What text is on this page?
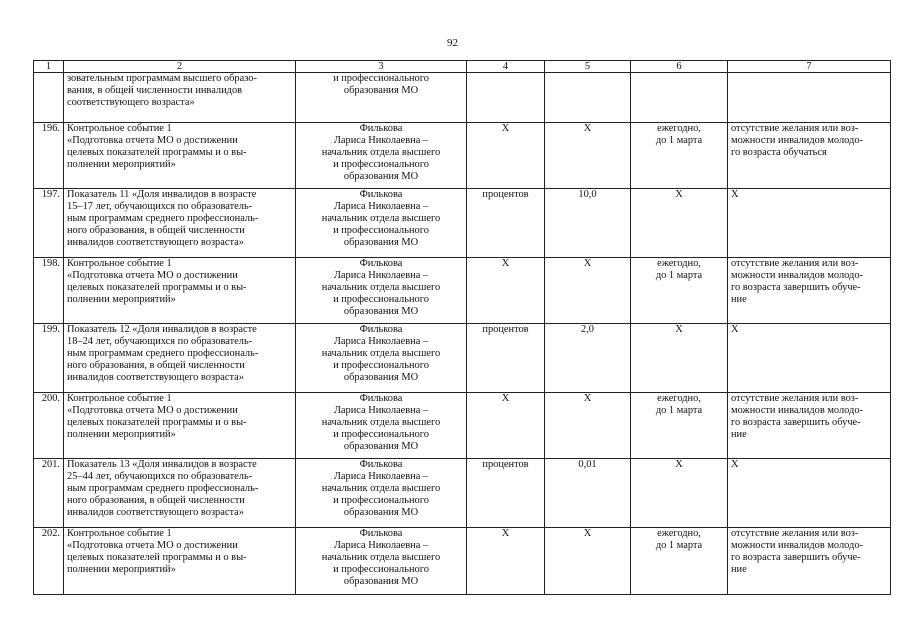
92
1	2	3	4	5	6	7
	зовательным программам высшего образо-
вания, в общей численности инвалидов
соответствующего возраста»	и профессионального
образования МО				
196.	Контрольное событие 1
«Подготовка отчета МО о достижении
целевых показателей программы и о вы-
полнении мероприятий»	Филькова
Лариса Николаевна –
начальник отдела высшего
и профессионального
образования МО	Х	Х	ежегодно,
до 1 марта	отсутствие желания или воз-
можности инвалидов молодо-
го возраста обучаться
197.	Показатель 11 «Доля инвалидов в возрасте
15–17 лет, обучающихся по образователь-
ным программам среднего профессиональ-
ного образования, в общей численности
инвалидов соответствующего возраста»	Филькова
Лариса Николаевна –
начальник отдела высшего
и профессионального
образования МО	процентов	10,0	Х	Х
198.	Контрольное событие 1
«Подготовка отчета МО о достижении
целевых показателей программы и о вы-
полнении мероприятий»	Филькова
Лариса Николаевна –
начальник отдела высшего
и профессионального
образования МО	Х	Х	ежегодно,
до 1 марта	отсутствие желания или воз-
можности инвалидов молодо-
го возраста завершить обуче-
ние
199.	Показатель 12 «Доля инвалидов в возрасте
18–24 лет, обучающихся по образователь-
ным программам среднего профессиональ-
ного образования, в общей численности
инвалидов соответствующего возраста»	Филькова
Лариса Николаевна –
начальник отдела высшего
и профессионального
образования МО	процентов	2,0	Х	Х
200.	Контрольное событие 1
«Подготовка отчета МО о достижении
целевых показателей программы и о вы-
полнении мероприятий»	Филькова
Лариса Николаевна –
начальник отдела высшего
и профессионального
образования МО	Х	Х	ежегодно,
до 1 марта	отсутствие желания или воз-
можности инвалидов молодо-
го возраста завершить обуче-
ние
201.	Показатель 13 «Доля инвалидов в возрасте
25–44 лет, обучающихся по образователь-
ным программам среднего профессиональ-
ного образования, в общей численности
инвалидов соответствующего возраста»	Филькова
Лариса Николаевна –
начальник отдела высшего
и профессионального
образования МО	процентов	0,01	Х	Х
202.	Контрольное событие 1
«Подготовка отчета МО о достижении
целевых показателей программы и о вы-
полнении мероприятий»	Филькова
Лариса Николаевна –
начальник отдела высшего
и профессионального
образования МО	Х	Х	ежегодно,
до 1 марта	отсутствие желания или воз-
можности инвалидов молодо-
го возраста завершить обуче-
ние
